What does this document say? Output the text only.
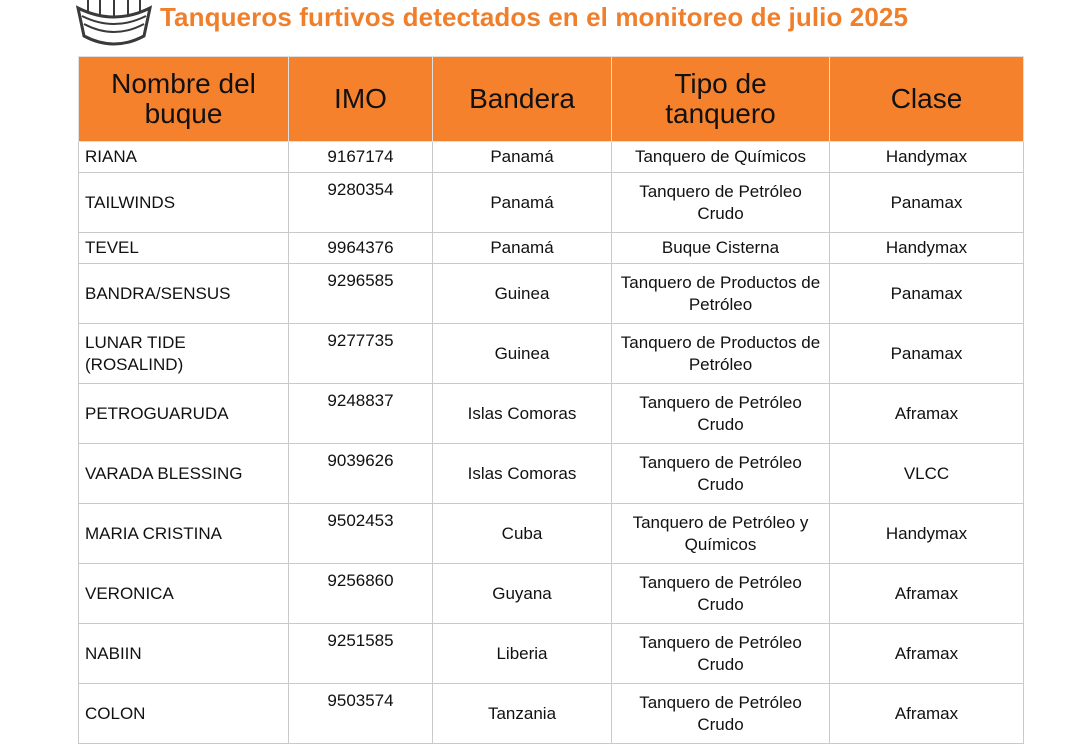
Tanqueros furtivos detectados en el monitoreo de julio 2025
Nombre del buque	IMO	Bandera	Tipo de tanquero	Clase
RIANA	9167174	Panamá	Tanquero de Químicos	Handymax
TAILWINDS	9280354	Panamá	Tanquero de Petróleo Crudo	Panamax
TEVEL	9964376	Panamá	Buque Cisterna	Handymax
BANDRA/SENSUS	9296585	Guinea	Tanquero de Productos de Petróleo	Panamax
LUNAR TIDE (ROSALIND)	9277735	Guinea	Tanquero de Productos de Petróleo	Panamax
PETROGUARUDA	9248837	Islas Comoras	Tanquero de Petróleo Crudo	Aframax
VARADA BLESSING	9039626	Islas Comoras	Tanquero de Petróleo Crudo	VLCC
MARIA CRISTINA	9502453	Cuba	Tanquero de Petróleo y Químicos	Handymax
VERONICA	9256860	Guyana	Tanquero de Petróleo Crudo	Aframax
NABIIN	9251585	Liberia	Tanquero de Petróleo Crudo	Aframax
COLON	9503574	Tanzania	Tanquero de Petróleo Crudo	Aframax
